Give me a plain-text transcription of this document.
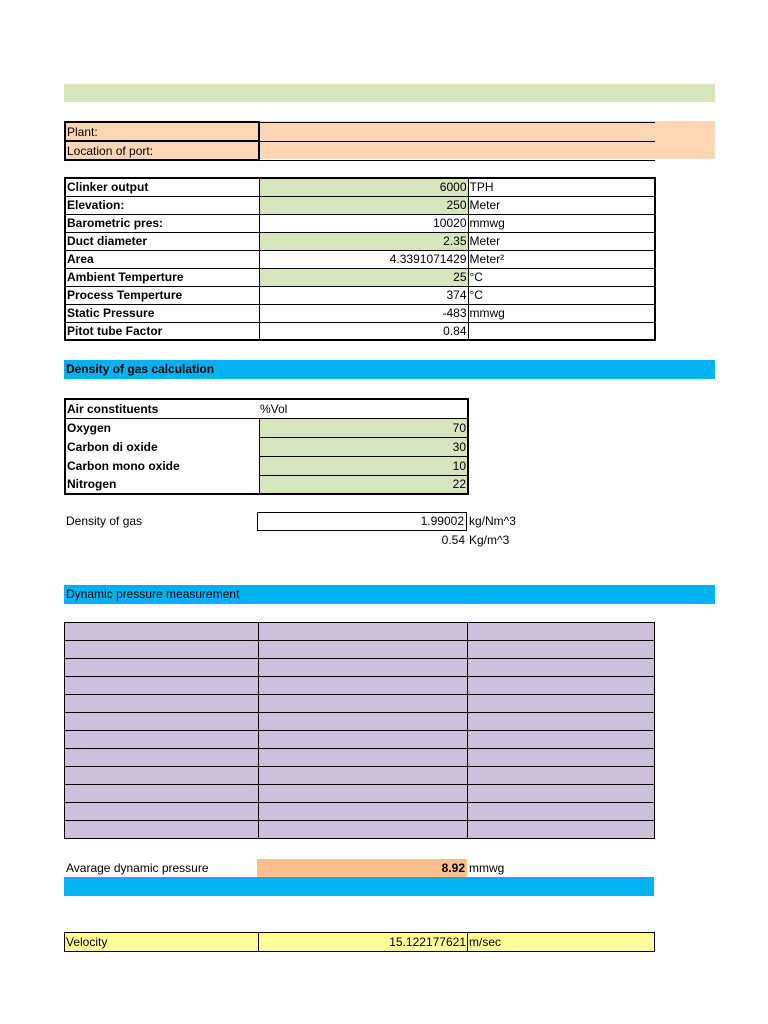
Plant:	
Location of port:	
Clinker output	6000	TPH
Elevation:	250	Meter
Barometric pres:	10020	mmwg
Duct diameter	2.35	Meter
Area	4.3391071429	Meter²
Ambient Temperture	25	°C
Process Temperture	374	°C
Static Pressure	-483	mmwg
Pitot tube Factor	0.84	
Density of gas calculation
Air constituents	%Vol
Oxygen	70
Carbon di oxide	30
Carbon mono oxide	10
Nitrogen	22
Density of gas	1.99002 kg/Nm^3
0.54 Kg/m^3
Dynamic pressure measurement

Avarage dynamic pressure	8.92 mmwg
Velocity	15.122177621	m/sec
